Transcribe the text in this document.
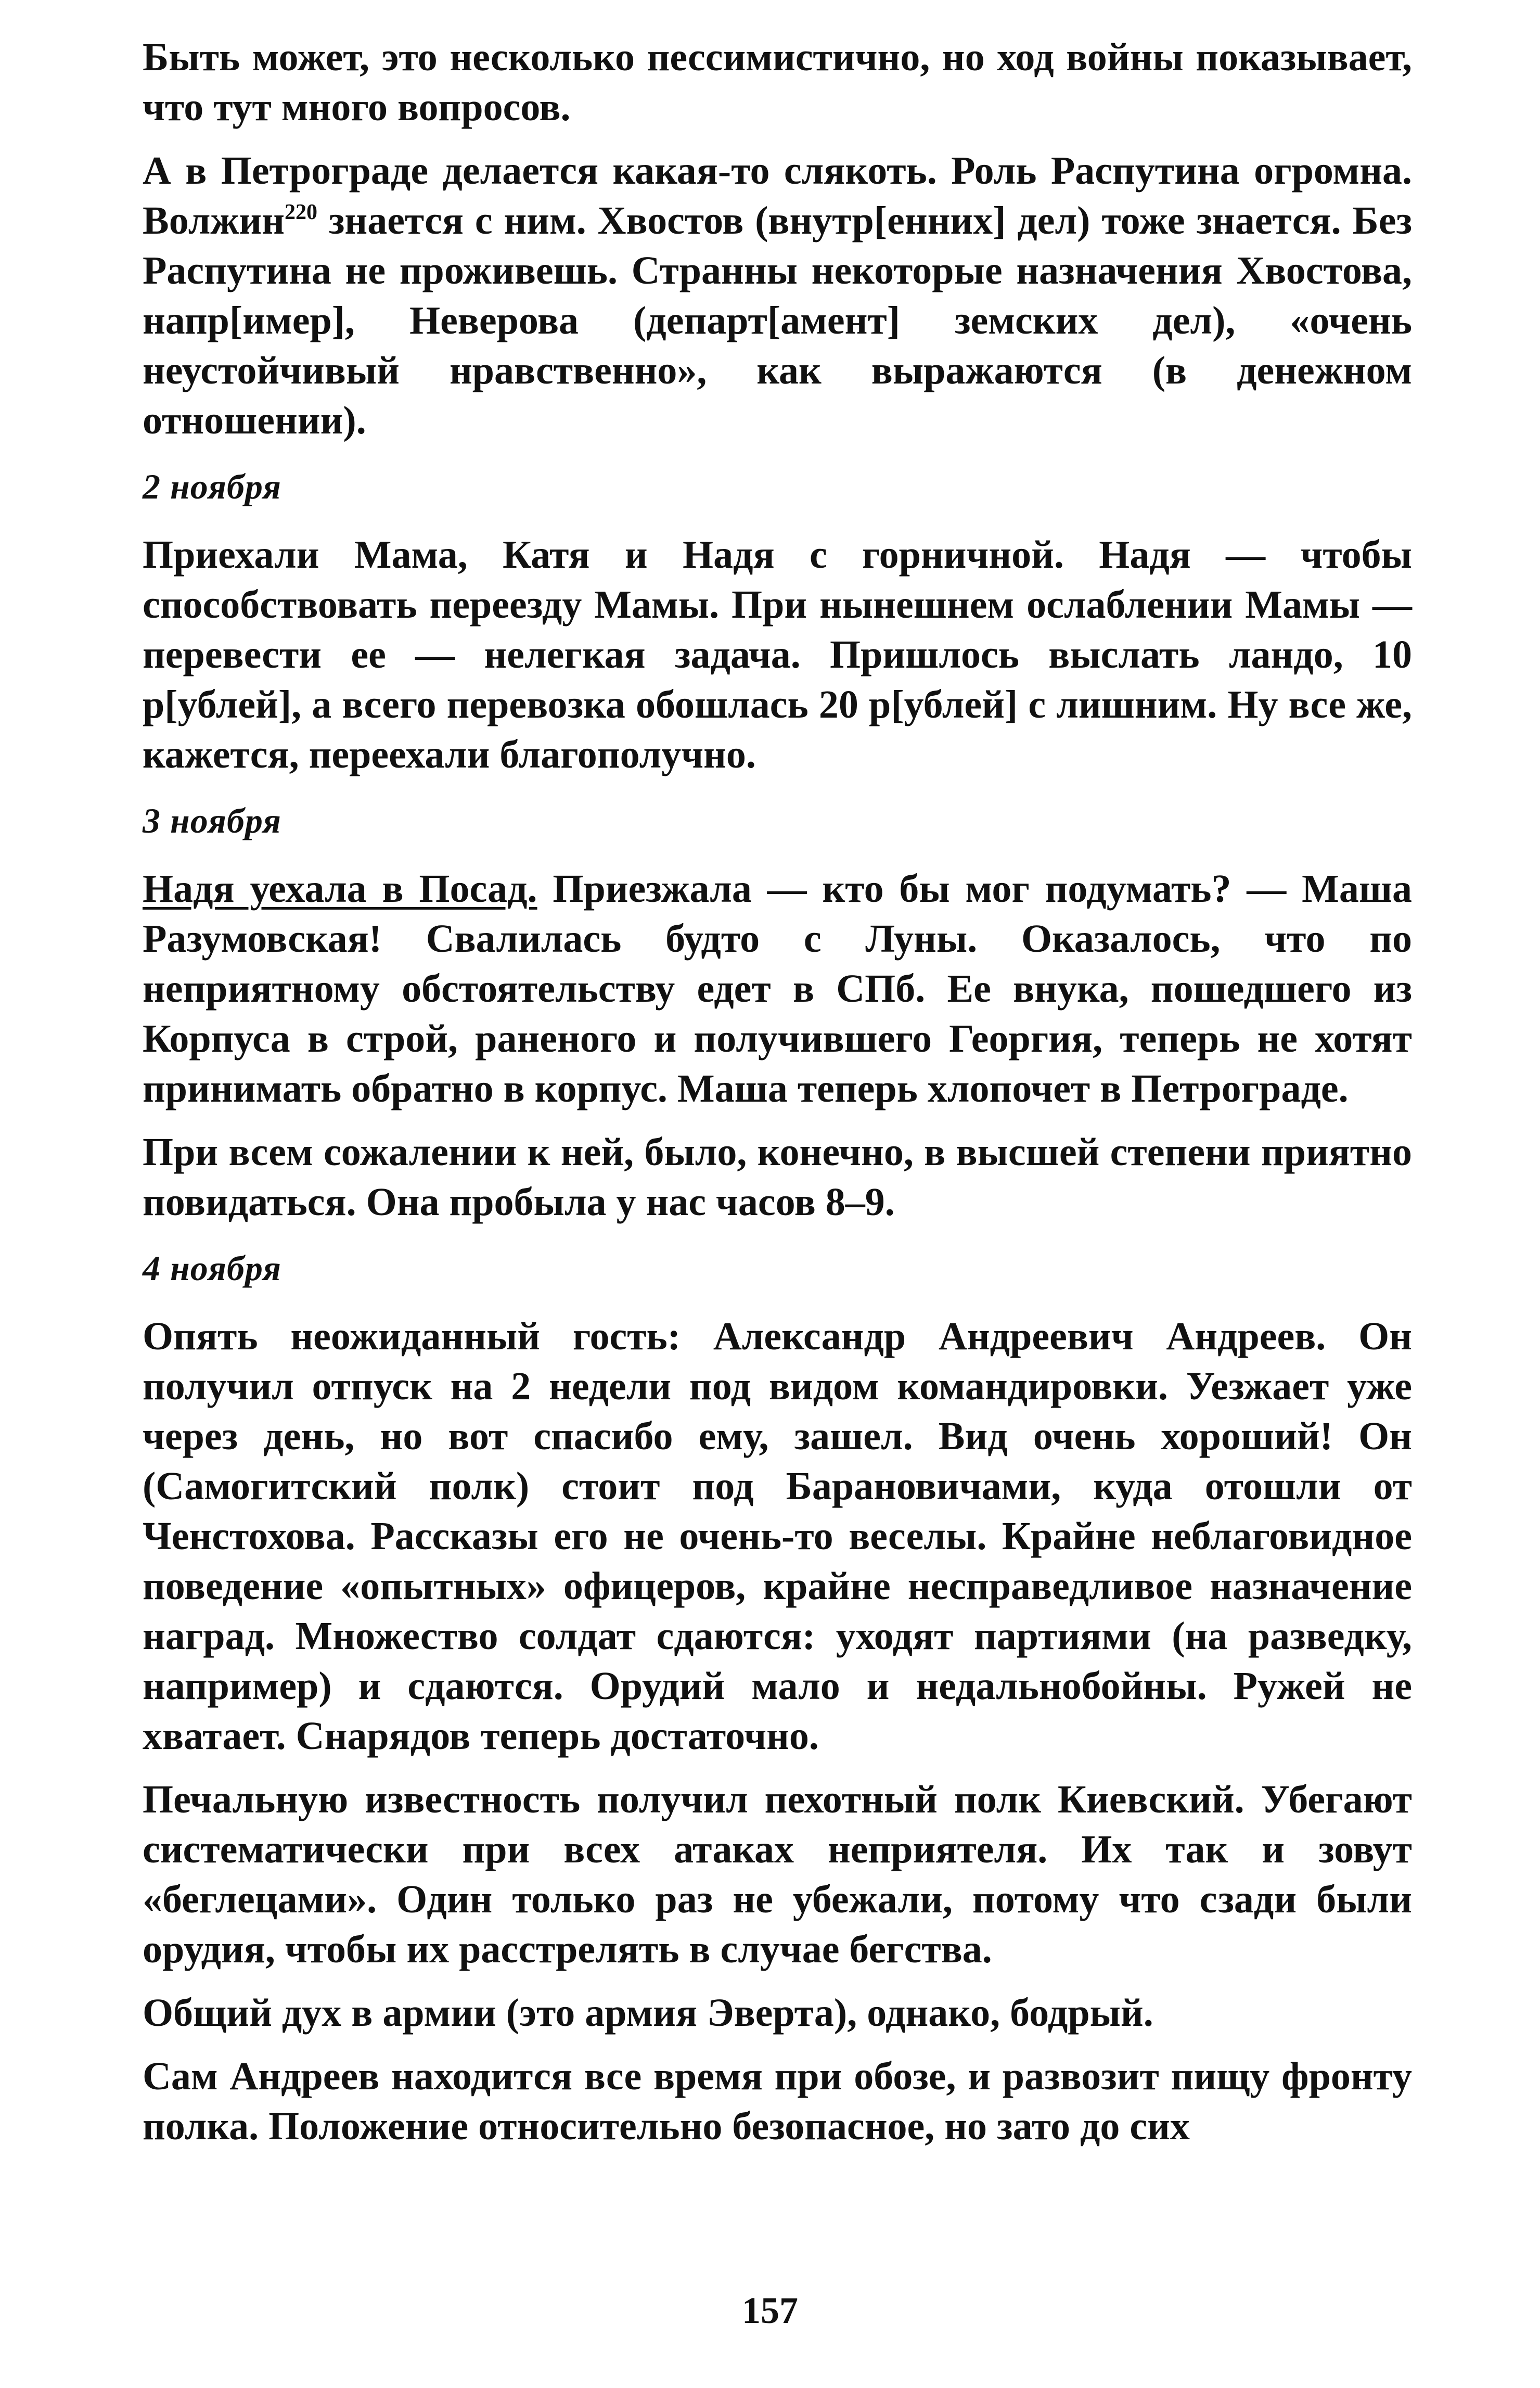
Быть может, это несколько пессимистично, но ход войны показывает, что тут много вопросов.

А в Петрограде делается какая-то слякоть. Роль Распутина огромна. Волжин$^{220}$ знается с ним. Хвостов (внутр[енних] дел) тоже знается. Без Распутина не проживешь. Странны некоторые назначения Хвостова, напр[имер], Неверова (департ[амент] земских дел), «очень неустойчивый нравственно», как выражаются (в денежном отношении).

2 ноября

Приехали Мама, Катя и Надя с горничной. Надя — чтобы способствовать переезду Мамы. При нынешнем ослаблении Мамы — перевести ее — нелегкая задача. Пришлось выслать ландо, 10 р[ублей], а всего перевозка обошлась 20 р[ублей] с лишним. Ну все же, кажется, переехали благополучно.

3 ноября

Надя уехала в Посад. Приезжала — кто бы мог подумать? — Маша Разумовская! Свалилась будто с Луны. Оказалось, что по неприятному обстоятельству едет в СПб. Ее внука, пошедшего из Корпуса в строй, раненого и получившего Георгия, теперь не хотят принимать обратно в корпус. Маша теперь хлопочет в Петрограде.

При всем сожалении к ней, было, конечно, в высшей степени приятно повидаться. Она пробыла у нас часов 8–9.

4 ноября

Опять неожиданный гость: Александр Андреевич Андреев. Он получил отпуск на 2 недели под видом командировки. Уезжает уже через день, но вот спасибо ему, зашел. Вид очень хороший! Он (Самогитский полк) стоит под Барановичами, куда отошли от Ченстохова. Рассказы его не очень-то веселы. Крайне неблаговидное поведение «опытных» офицеров, крайне несправедливое назначение наград. Множество солдат сдаются: уходят партиями (на разведку, например) и сдаются. Орудий мало и недальнобойны. Ружей не хватает. Снарядов теперь достаточно.

Печальную известность получил пехотный полк Киевский. Убегают систематически при всех атаках неприятеля. Их так и зовут «беглецами». Один только раз не убежали, потому что сзади были орудия, чтобы их расстрелять в случае бегства.

Общий дух в армии (это армия Эверта), однако, бодрый.

Сам Андреев находится все время при обозе, и развозит пищу фронту полка. Положение относительно безопасное, но зато до сих

157
